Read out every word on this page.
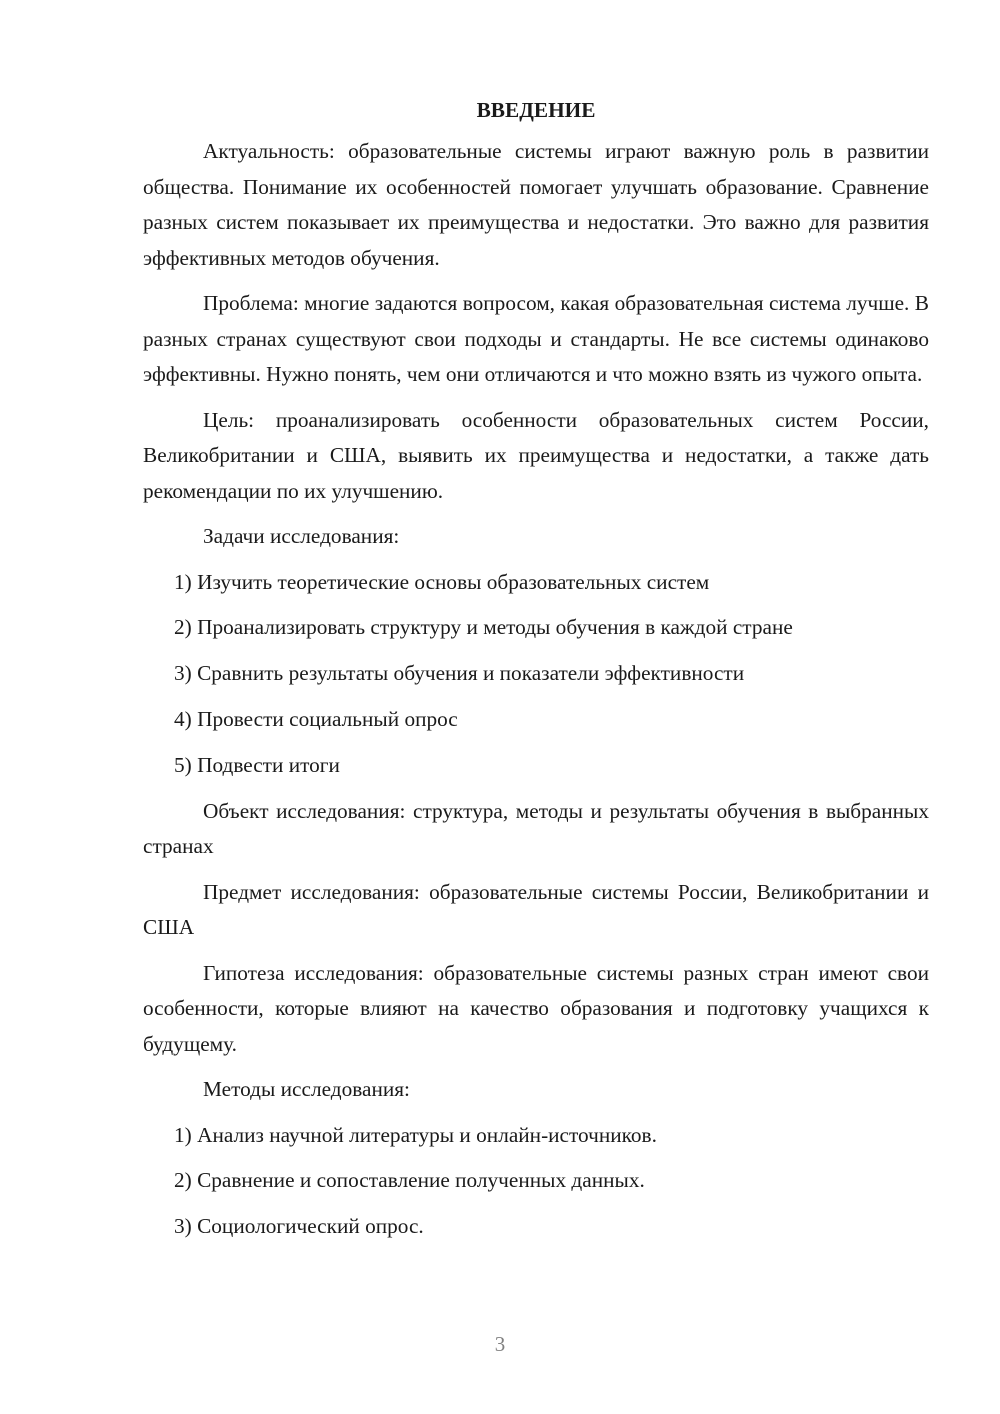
ВВЕДЕНИЕ

Актуальность: образовательные системы играют важную роль в развитии общества. Понимание их особенностей помогает улучшать образование. Сравнение разных систем показывает их преимущества и недостатки. Это важно для развития эффективных методов обучения.

Проблема: многие задаются вопросом, какая образовательная система лучше. В разных странах существуют свои подходы и стандарты. Не все системы одинаково эффективны. Нужно понять, чем они отличаются и что можно взять из чужого опыта.

Цель: проанализировать особенности образовательных систем России, Великобритании и США, выявить их преимущества и недостатки, а также дать рекомендации по их улучшению.

Задачи исследования:

1) Изучить теоретические основы образовательных систем
2) Проанализировать структуру и методы обучения в каждой стране
3) Сравнить результаты обучения и показатели эффективности
4) Провести социальный опрос
5) Подвести итоги

Объект исследования: структура, методы и результаты обучения в выбранных странах

Предмет исследования: образовательные системы России, Великобритании и США

Гипотеза исследования: образовательные системы разных стран имеют свои особенности, которые влияют на качество образования и подготовку учащихся к будущему.

Методы исследования:

1) Анализ научной литературы и онлайн-источников.
2) Сравнение и сопоставление полученных данных.
3) Социологический опрос.
3
